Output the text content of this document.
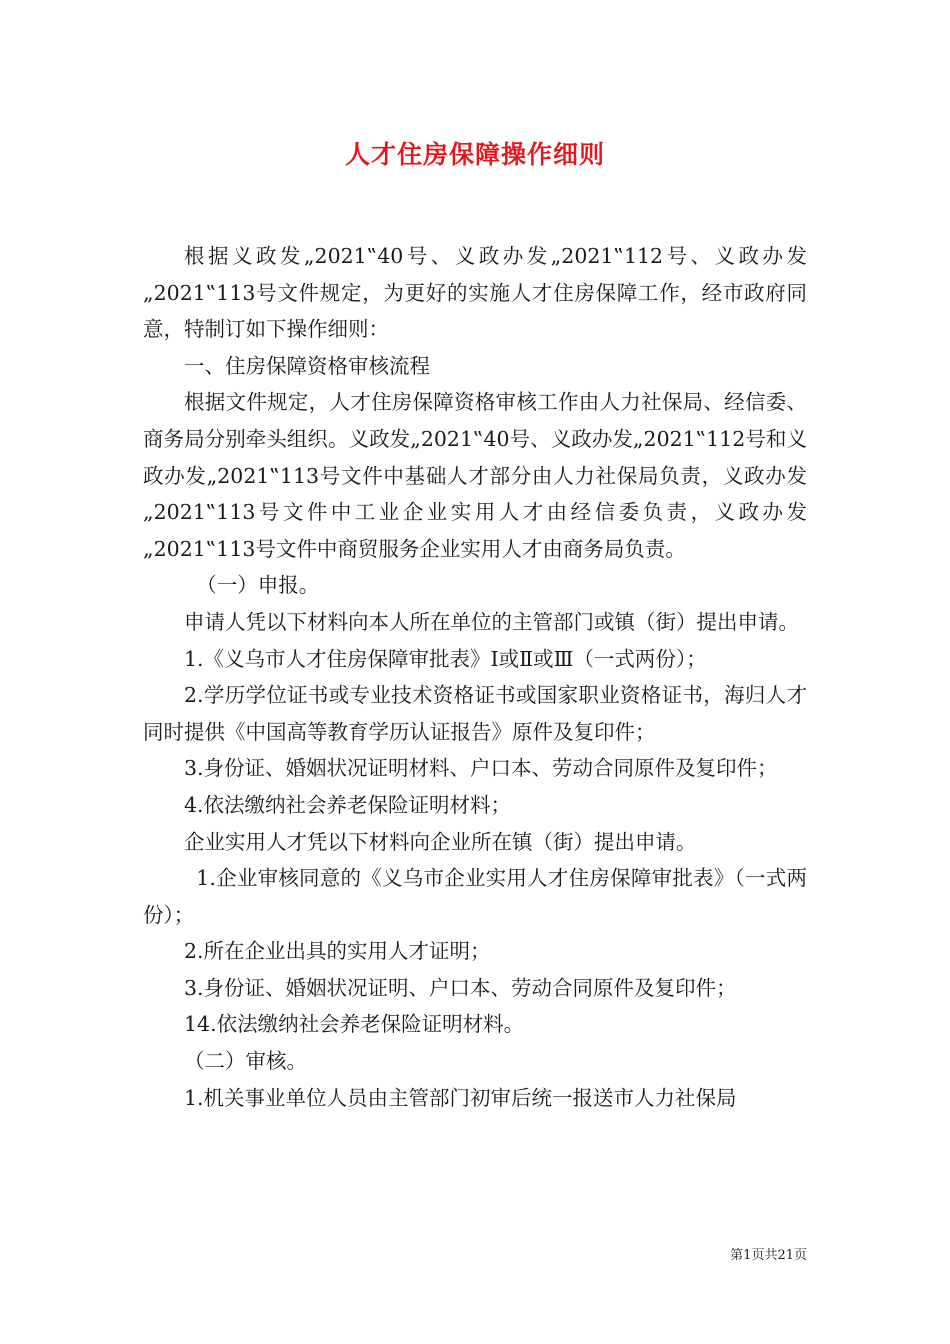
人才住房保障操作细则

根据义政发„2021‟40号、义政办发„2021‟112号、义政办发„2021‟113号文件规定，为更好的实施人才住房保障工作，经市政府同意，特制订如下操作细则：

一、住房保障资格审核流程

根据文件规定，人才住房保障资格审核工作由人力社保局、经信委、商务局分别牵头组织。义政发„2021‟40号、义政办发„2021‟112号和义政办发„2021‟113号文件中基础人才部分由人力社保局负责，义政办发„2021‟113号文件中工业企业实用人才由经信委负责，义政办发„2021‟113号文件中商贸服务企业实用人才由商务局负责。

（一）申报。

申请人凭以下材料向本人所在单位的主管部门或镇（街）提出申请。

1.《义乌市人才住房保障审批表》Ⅰ或Ⅱ或Ⅲ（一式两份）；

2.学历学位证书或专业技术资格证书或国家职业资格证书，海归人才同时提供《中国高等教育学历认证报告》原件及复印件；

3.身份证、婚姻状况证明材料、户口本、劳动合同原件及复印件；

4.依法缴纳社会养老保险证明材料；

企业实用人才凭以下材料向企业所在镇（街）提出申请。

1.企业审核同意的《义乌市企业实用人才住房保障审批表》（一式两份）；

2.所在企业出具的实用人才证明；

3.身份证、婚姻状况证明、户口本、劳动合同原件及复印件；

14.依法缴纳社会养老保险证明材料。

（二）审核。

1.机关事业单位人员由主管部门初审后统一报送市人力社保局

第1页共21页
